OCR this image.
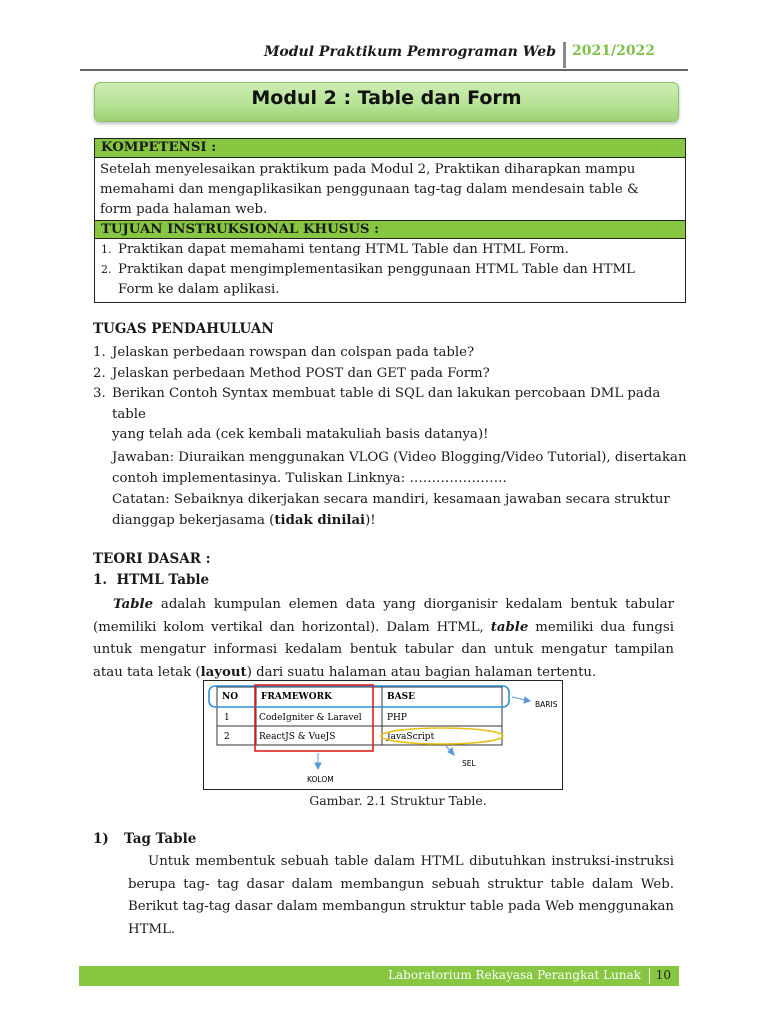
Modul Praktikum Pemrograman Web 2021/2022
Modul 2 : Table dan Form
KOMPETENSI :
Setelah menyelesaikan praktikum pada Modul 2, Praktikan diharapkan mampu
memahami dan mengaplikasikan penggunaan tag-tag dalam mendesain table &
form pada halaman web.
TUJUAN INSTRUKSIONAL KHUSUS :
1. Praktikan dapat memahami tentang HTML Table dan HTML Form.
2. Praktikan dapat mengimplementasikan penggunaan HTML Table dan HTML
Form ke dalam aplikasi.
TUGAS PENDAHULUAN
1. Jelaskan perbedaan rowspan dan colspan pada table?
2. Jelaskan perbedaan Method POST dan GET pada Form?
3. Berikan Contoh Syntax membuat table di SQL dan lakukan percobaan DML pada table
yang telah ada (cek kembali matakuliah basis datanya)!
Jawaban: Diuraikan menggunakan VLOG (Video Blogging/Video Tutorial), disertakan
contoh implementasinya. Tuliskan Linknya: ………………….
Catatan: Sebaiknya dikerjakan secara mandiri, kesamaan jawaban secara struktur
dianggap bekerjasama (tidak dinilai)!
TEORI DASAR :
1. HTML Table
Table adalah kumpulan elemen data yang diorganisir kedalam bentuk tabular (memiliki kolom vertikal dan horizontal). Dalam HTML, table memiliki dua fungsi untuk mengatur informasi kedalam bentuk tabular dan untuk mengatur tampilan atau tata letak (layout) dari suatu halaman atau bagian halaman tertentu.
NO	FRAMEWORK	BASE
1	CodeIgniter & Laravel	PHP
2	ReactJS & VueJS	JavaScript
BARIS
SEL
KOLOM
Gambar. 2.1 Struktur Table.
1) Tag Table
Untuk membentuk sebuah table dalam HTML dibutuhkan instruksi-instruksi berupa tag- tag dasar dalam membangun sebuah struktur table dalam Web. Berikut tag-tag dasar dalam membangun struktur table pada Web menggunakan HTML.
Laboratorium Rekayasa Perangkat Lunak 10
